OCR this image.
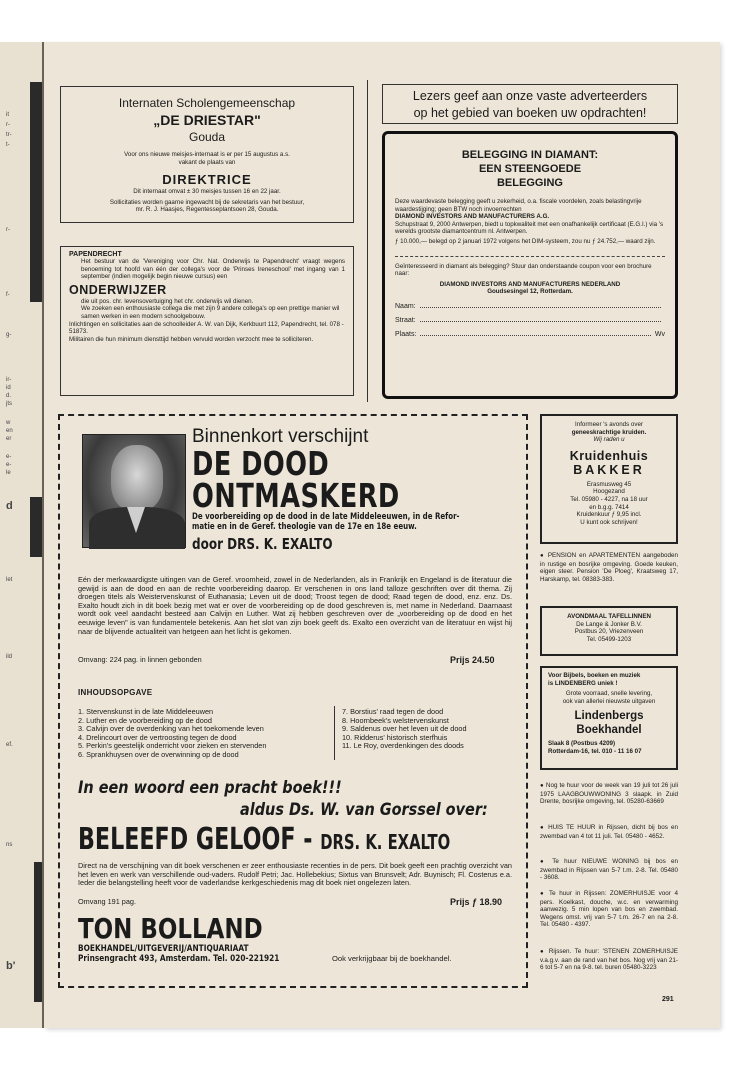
it
r-
tr-
t-
r-
f-
g-
ir-
id
d.
jts
w
en
er
e-
e-
le
d
let
ild
ef.
ns
b'
Internaten Scholengemeenschap
„DE DRIESTAR"
Gouda
Voor ons nieuwe meisjes-internaat is er per 15 augustus a.s.
vakant de plaats van
DIREKTRICE
Dit internaat omvat ± 30 meisjes tussen 16 en 22 jaar.
Sollicitaties worden gaarne ingewacht bij de sekretaris van het bestuur,
mr. R. J. Haasjes, Regentesseplantsoen 28, Gouda.
PAPENDRECHT
Het bestuur van de 'Vereniging voor Chr. Nat. Onderwijs te Papendrecht' vraagt wegens benoeming tot hoofd van één der collega's voor de 'Prinses Ireneschool' met ingang van 1 september (indien mogelijk begin nieuwe cursus) een
ONDERWIJZER
die uit pos. chr. levensovertuiging het chr. onderwijs wil dienen.
We zoeken een enthousiaste collega die met zijn 9 andere collega's op een prettige manier wil samen werken in een modern schoolgebouw.
Inlichtingen en sollicitaties aan de schoolleider A. W. van Dijk, Kerkbuurt 112, Papendrecht, tel. 078 - 51873.
Militairen die hun minimum diensttijd hebben vervuld worden verzocht mee te solliciteren.
Lezers geef aan onze vaste adverteerders
op het gebied van boeken uw opdrachten!
BELEGGING IN DIAMANT:
EEN STEENGOEDE
BELEGGING
Deze waardevaste belegging geeft u zekerheid, o.a. fiscale voordelen, zoals belastingvrije waardestijging; geen BTW noch invoerrechten
DIAMOND INVESTORS AND MANUFACTURERS A.G.
Schupstraat 9, 2000 Antwerpen, biedt u topkwaliteit met een onafhankelijk certificaat (E.G.I.) via 's werelds grootste diamantcentrum nl. Antwerpen.
ƒ 10.000,— belegd op 2 januari 1972 volgens het DIM-systeem, zou nu ƒ 24.752,— waard zijn.
Geïnteresseerd in diamant als belegging? Stuur dan onderstaande coupon voor een brochure naar:
DIAMOND INVESTORS AND MANUFACTURERS NEDERLAND
Goudsesingel 12, Rotterdam.
Naam:
Straat:
Plaats:	Wv
Binnenkort verschijnt
DE DOOD
ONTMASKERD
De voorbereiding op de dood in de late Middeleeuwen, in de Refor-
matie en in de Geref. theologie van de 17e en 18e eeuw.
door DRS. K. EXALTO
Eén der merkwaardigste uitingen van de Geref. vroomheid, zowel in de Nederlanden, als in Frankrijk en Engeland is de literatuur die gewijd is aan de dood en aan de rechte voorbereiding daarop. Er verschenen in ons land talloze geschriften over dit thema. Zij droegen titels als Weistervenskunst of Euthanasia; Leven uit de dood; Troost tegen de dood; Raad tegen de dood, enz. enz. Ds. Exalto houdt zich in dit boek bezig met wat er over de voorbereiding op de dood geschreven is, met name in Nederland. Daarnaast wordt ook veel aandacht besteed aan Calvijn en Luther. Wat zij hebben geschreven over de „voorbereiding op de dood en het eeuwige leven" is van fundamentele betekenis. Aan het slot van zijn boek geeft ds. Exalto een overzicht van de literatuur en wijst hij naar de blijvende actualiteit van hetgeen aan het licht is gekomen.
Omvang: 224 pag. in linnen gebonden	Prijs 24.50
INHOUDSOPGAVE
1. Stervenskunst in de late Middeleeuwen
2. Luther en de voorbereiding op de dood
3. Calvijn over de overdenking van het toekomende leven
4. Drelincourt over de vertroosting tegen de dood
5. Perkin's geestelijk onderricht voor zieken en stervenden
6. Sprankhuysen over de overwinning op de dood
7. Borstius' raad tegen de dood
8. Hoornbeek's welstervenskunst
9. Saldenus over het leven uit de dood
10. Ridderus' historisch sterfhuis
11. Le Roy, overdenkingen des doods
In een woord een pracht boek!!!
aldus Ds. W. van Gorssel over:
BELEEFD GELOOF - DRS. K. EXALTO
Direct na de verschijning van dit boek verschenen er zeer enthousiaste recenties in de pers. Dit boek geeft een prachtig overzicht van het leven en werk van verschillende oud-vaders. Rudolf Petri; Jac. Hollebekius; Sixtus van Brunsvelt; Adr. Buynisch; Fl. Costerus e.a. Ieder die belangstelling heeft voor de vaderlandse kerkgeschiedenis mag dit boek niet ongelezen laten.
Omvang 191 pag.	Prijs ƒ 18.90
TON BOLLAND
BOEKHANDEL/UITGEVERIJ/ANTIQUARIAAT
Prinsengracht 493, Amsterdam. Tel. 020-221921	Ook verkrijgbaar bij de boekhandel.
Informeer 's avonds over
geneeskrachtige kruiden.
Wij raden u
Kruidenhuis
BAKKER
Erasmusweg 45
Hoogezand
Tel. 05980 - 4227, na 18 uur
en b.g.g. 7414
Kruidenkuur ƒ 9,95 incl.
U kunt ook schrijven!
● PENSION en APARTEMENTEN aangeboden in rustige en bosrijke omgeving. Goede keuken, eigen steer. Pension 'De Ploeg', Kraatsweg 17, Harskamp, tel. 08383-383.
AVONDMAAL TAFELLINNEN
De Lange & Jonker B.V.
Postbus 20, Vriezenveen
Tel. 05499-1203
Voor Bijbels, boeken en muziek
is LINDENBERG uniek !
Grote voorraad, snelle levering,
ook van allerlei nieuwste uitgaven
Lindenbergs
Boekhandel
Slaak 8 (Postbus 4209)
Rotterdam-16, tel. 010 - 11 16 07
● Nog te huur voor de week van 19 juli tot 26 juli 1975 LAAGBOUWWONING 3 slaapk. in Zuid Drente, bosrijke omgeving, tel. 05280-63669
● HUIS TE HUUR in Rijssen, dicht bij bos en zwembad van 4 tot 11 juli. Tel. 05480 - 4652.
● Te huur NIEUWE WONING bij bos en zwembad in Rijssen van 5-7 t.m. 2-8. Tel. 05480 - 3608.
● Te huur in Rijssen: ZOMERHUISJE voor 4 pers. Koelkast, douche, w.c. en verwarming aanwezig. 5 min lopen van bos en zwembad. Wegens omst. vrij van 5-7 t.m. 26-7 en na 2-8. Tel. 05480 - 4397.
● Rijssen. Te huur: 'STENEN ZOMERHUISJE v.a.g.v. aan de rand van het bos. Nog vrij van 21-6 tot 5-7 en na 9-8. tel. buren 05480-3223
291
